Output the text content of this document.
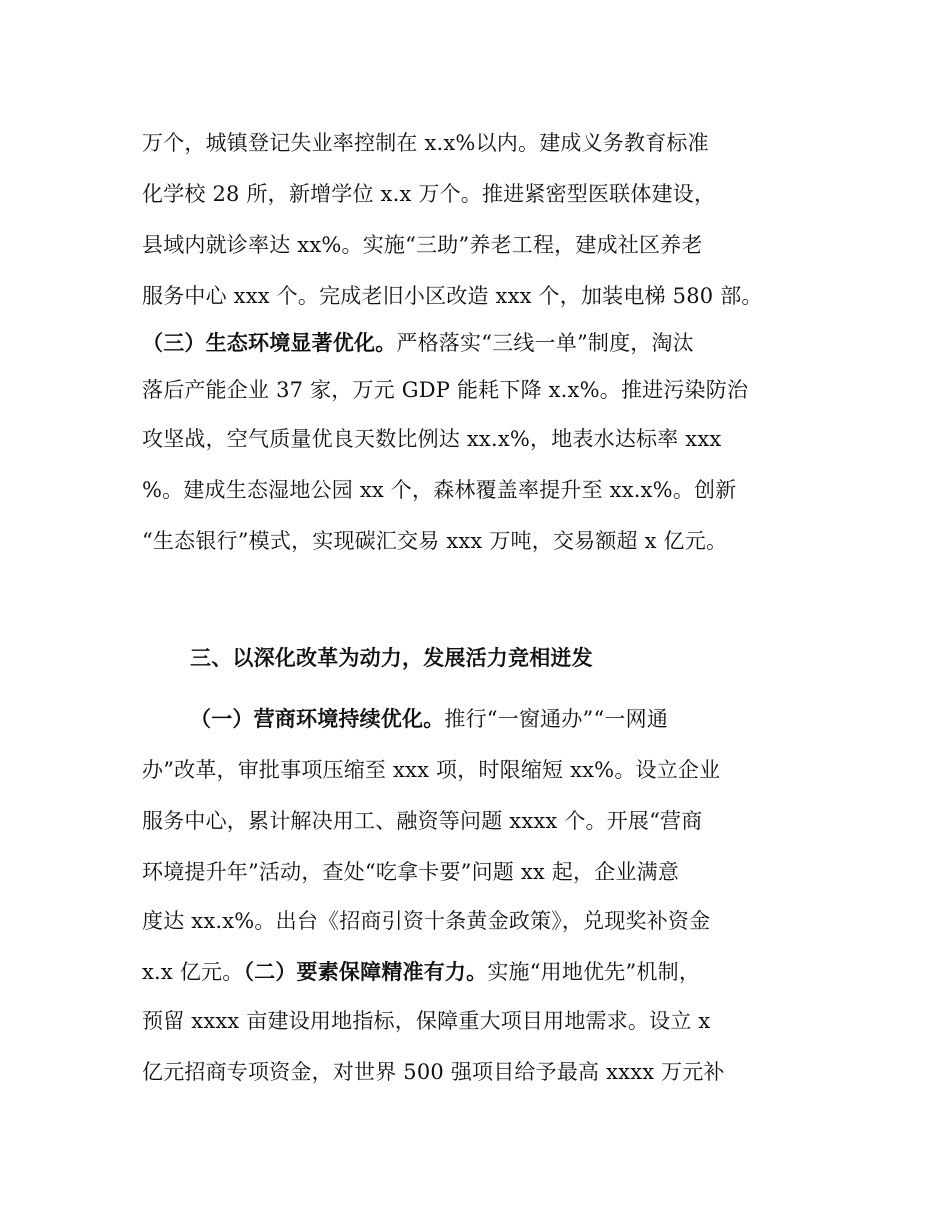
万个，城镇登记失业率控制在 x.x%以内。建成义务教育标准
化学校 28 所，新增学位 x.x 万个。推进紧密型医联体建设，
县域内就诊率达 xx%。实施“三助”养老工程，建成社区养老
服务中心 xxx 个。完成老旧小区改造 xxx 个，加装电梯 580 部。
（三）生态环境显著优化。严格落实“三线一单”制度，淘汰
落后产能企业 37 家，万元 GDP 能耗下降 x.x%。推进污染防治
攻坚战，空气质量优良天数比例达 xx.x%，地表水达标率 xxx
%。建成生态湿地公园 xx 个，森林覆盖率提升至 xx.x%。创新
“生态银行”模式，实现碳汇交易 xxx 万吨，交易额超 x 亿元。
三、以深化改革为动力，发展活力竞相迸发
（一）营商环境持续优化。推行“一窗通办”“一网通
办”改革，审批事项压缩至 xxx 项，时限缩短 xx%。设立企业
服务中心，累计解决用工、融资等问题 xxxx 个。开展“营商
环境提升年”活动，查处“吃拿卡要”问题 xx 起，企业满意
度达 xx.x%。出台《招商引资十条黄金政策》，兑现奖补资金
x.x 亿元。（二）要素保障精准有力。实施“用地优先”机制，
预留 xxxx 亩建设用地指标，保障重大项目用地需求。设立 x
亿元招商专项资金，对世界 500 强项目给予最高 xxxx 万元补
